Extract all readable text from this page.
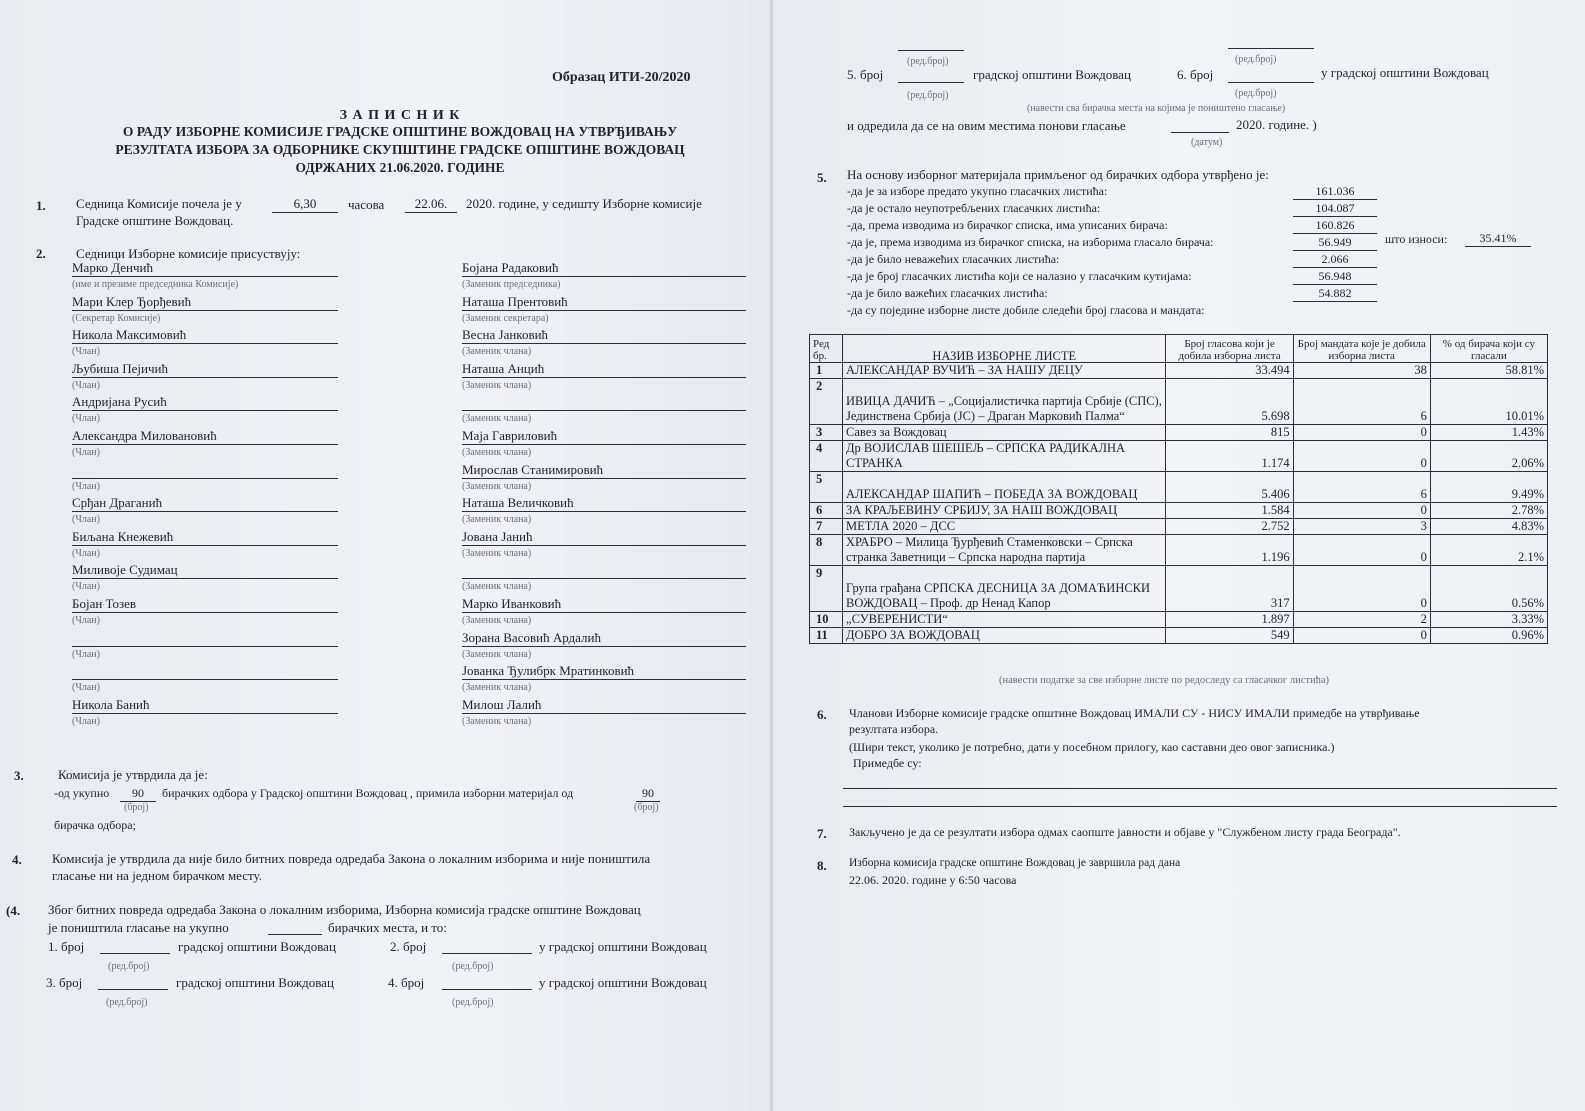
Образац ИТИ-20/2020
З А П И С Н И К
О РАДУ ИЗБОРНЕ КОМИСИЈЕ ГРАДСКЕ ОПШТИНЕ ВОЖДОВАЦ НА УТВРЂИВАЊУ
РЕЗУЛТАТА ИЗБОРА ЗА ОДБОРНИКЕ СКУПШТИНЕ ГРАДСКЕ ОПШТИНЕ ВОЖДОВАЦ
ОДРЖАНИХ 21.06.2020. ГОДИНЕ
1. Седница Комисије почела је у	6,30	часова	22.06.	2020. године, у седишту Изборне комисије
Градске општине Вождовац.
2. Седници Изборне комисије присуствују:
Марко Денчић
(име и презиме председника Комисије)
Мари Клер Ђорђевић
(Секретар Комисије)
Никола Максимовић
(Члан)
Љубиша Пејичић
(Члан)
Андријана Русић
(Члан)
Александра Миловановић
(Члан)
(Члан)
Срђан Драганић
(Члан)
Биљана Кнежевић
(Члан)
Миливоје Судимац
(Члан)
Бојан Тозев
(Члан)
(Члан)
(Члан)
Никола Банић
(Члан)
Бојана Радаковић
(Заменик председника)
Наташа Прентовић
(Заменик секретара)
Весна Јанковић
(Заменик члана)
Наташа Анцић
(Заменик члана)
(Заменик члана)
Маја Гавриловић
(Заменик члана)
Мирослав Станимировић
(Заменик члана)
Наташа Величковић
(Заменик члана)
Јована Јанић
(Заменик члана)
(Заменик члана)
Марко Иванковић
(Заменик члана)
Зорана Васовић Ардалић
(Заменик члана)
Јованка Ђулибрк Мратинковић
(Заменик члана)
Милош Лалић
(Заменик члана)
3.	Комисија је утврдила да је:
-од укупно	90	бирачких одбора у Градској општини Вождовац , примила изборни материјал од	90
(број)	(број)
бирачка одбора;
4. Комисија је утврдила да није било битних повреда одредаба Закона о локалним изборима и није поништила
гласање ни на једном бирачком месту.
(4. Због битних повреда одредаба Закона о локалним изборима, Изборна комисија градске општине Вождовац
је поништила гласање на укупно	бирачких места, и то:
1. број	градској општини Вождовац	2. број	у градској општини Вождовац
(ред.број)	(ред.број)
3. број	градској општини Вождовац	4. број	у градској општини Вождовац
(ред.број)	(ред.број)
(ред.број)	(ред.број)
5. број	градској општини Вождовац	6. број	у градској општини Вождовац
(ред.број)	(ред.број)
(навести сва бирачка места на којима је поништено гласање)
и одредила да се на овим местима понови гласање	2020. године. )
(датум)
5. На основу изборног материјала примљеног од бирачких одбора утврђено је:
-да је за изборе предато укупно гласачких листића:	161.036
-да је остало неупотребљених гласачких листића:	104.087
-да, према изводима из бирачког списка, има уписаних бирача:	160.826
-да је, према изводима из бирачког списка, на изборима гласало бирача:	56.949
-да је било неважећих гласачких листића:	2.066
-да је број гласачких листића који се налазио у гласачким кутијама:	56.948
-да је било важећих гласачких листића:	54.882
што износи:	35.41%
-да су поједине изборне листе добиле следећи број гласова и мандата:
Ред
бр.	НАЗИВ ИЗБОРНЕ ЛИСТЕ	Број гласова који је добила изборна листа	Број мандата које је добила изборна листа	% од бирача који су гласали
1	АЛЕКСАНДАР ВУЧИЋ – ЗА НАШУ ДЕЦУ	33.494	38	58.81%
2	ИВИЦА ДАЧИЋ – „Социјалистичка партија Србије (СПС), Јединствена Србија (ЈС) – Драган Марковић Палма“	5.698	6	10.01%
3	Савез за Вождовац	815	0	1.43%
4	Др ВОЈИСЛАВ ШЕШЕЉ – СРПСКА РАДИКАЛНА СТРАНКА	1.174	0	2.06%
5	АЛЕКСАНДАР ШАПИЋ – ПОБЕДА ЗА ВОЖДОВАЦ	5.406	6	9.49%
6	ЗА КРАЉЕВИНУ СРБИЈУ, ЗА НАШ ВОЖДОВАЦ	1.584	0	2.78%
7	МЕТЛА 2020 – ДСС	2.752	3	4.83%
8	ХРАБРО – Милица Ђурђевић Стаменковски – Српска странка Заветници – Српска народна партија	1.196	0	2.1%
9	Група грађана СРПСКА ДЕСНИЦА ЗА ДОМАЋИНСКИ ВОЖДОВАЦ – Проф. др Ненад Капор	317	0	0.56%
10	„СУВЕРЕНИСТИ“	1.897	2	3.33%
11	ДОБРО ЗА ВОЖДОВАЦ	549	0	0.96%
(навести податке за све изборне листе по редоследу са гласачког листића)
6. Чланови Изборне комисије градске општине Вождовац ИМАЛИ СУ - НИСУ ИМАЛИ примедбе на утврђивање
резултата избора.
(Шири текст, уколико је потребно, дати у посебном прилогу, као саставни део овог записника.)
Примедбе су:
7. Закључено је да се резултати избора одмах саопште јавности и објаве у "Службеном листу града Београда".
8. Изборна комисија градске општине Вождовац је завршила рад дана
22.06. 2020. године у 6:50 часова
